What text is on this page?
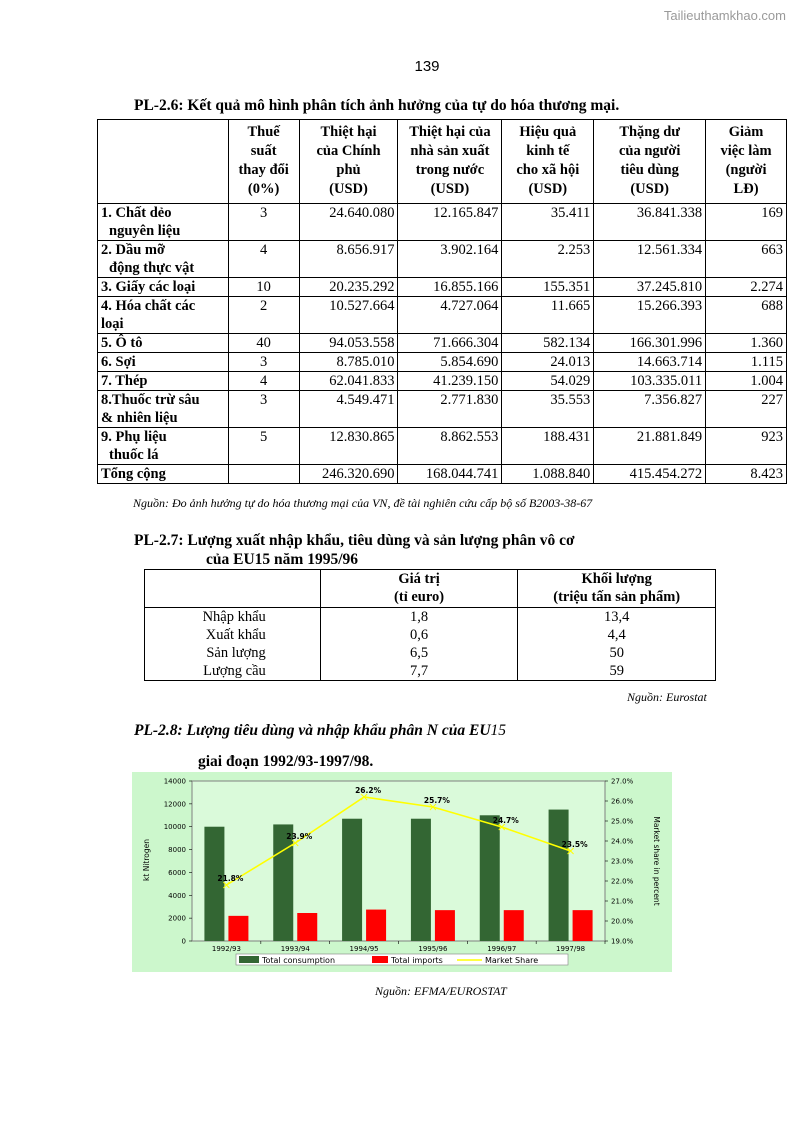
Tailieuthamkhao.com
139
PL-2.6: Kết quả mô hình phân tích ảnh hưởng của tự do hóa thương mại.
	Thuế
suất
thay đổi
(0%)	Thiệt hại
của Chính
phủ
(USD)	Thiệt hại của
nhà sản xuất
trong nước
(USD)	Hiệu quả
kinh tế
cho xã hội
(USD)	Thặng dư
của người
tiêu dùng
(USD)	Giảm
việc làm
(người
LĐ)
1. Chất dẻo
nguyên liệu	3	24.640.080	12.165.847	35.411	36.841.338	169
2. Dầu mỡ
động thực vật	4	8.656.917	3.902.164	2.253	12.561.334	663
3. Giấy các loại	10	20.235.292	16.855.166	155.351	37.245.810	2.274
4. Hóa chất các
loại	2	10.527.664	4.727.064	11.665	15.266.393	688
5. Ô tô	40	94.053.558	71.666.304	582.134	166.301.996	1.360
6. Sợi	3	8.785.010	5.854.690	24.013	14.663.714	1.115
7. Thép	4	62.041.833	41.239.150	54.029	103.335.011	1.004
8.Thuốc trừ sâu
& nhiên liệu	3	4.549.471	2.771.830	35.553	7.356.827	227
9. Phụ liệu
thuốc lá	5	12.830.865	8.862.553	188.431	21.881.849	923
Tổng cộng		246.320.690	168.044.741	1.088.840	415.454.272	8.423
Nguồn: Đo ảnh hưởng tự do hóa thương mại của VN, đề tài nghiên cứu cấp bộ số B2003-38-67
PL-2.7: Lượng xuất nhập khẩu, tiêu dùng và sản lượng phân vô cơ
của EU15 năm 1995/96
	Giá trị
(tỉ euro)	Khối lượng
(triệu tấn sản phẩm)
Nhập khẩu	1,8	13,4
Xuất khẩu	0,6	4,4
Sản lượng	6,5	50
Lượng cầu	7,7	59
Nguồn: Eurostat
PL-2.8: Lượng tiêu dùng và nhập khẩu phân N của EU15
giai đoạn 1992/93-1997/98.
0
2000
4000
6000
8000
10000
12000
14000
19.0%
20.0%
21.0%
22.0%
23.0%
24.0%
25.0%
26.0%
27.0%
kt Nitrogen	Market share in percent
1992/93	1993/94	1994/95	1995/96	1996/97	1997/98
21.8%
23.9%
26.2%
25.7%
24.7%
23.5%
Total consumption	Total imports	Market Share
Nguồn: EFMA/EUROSTAT
